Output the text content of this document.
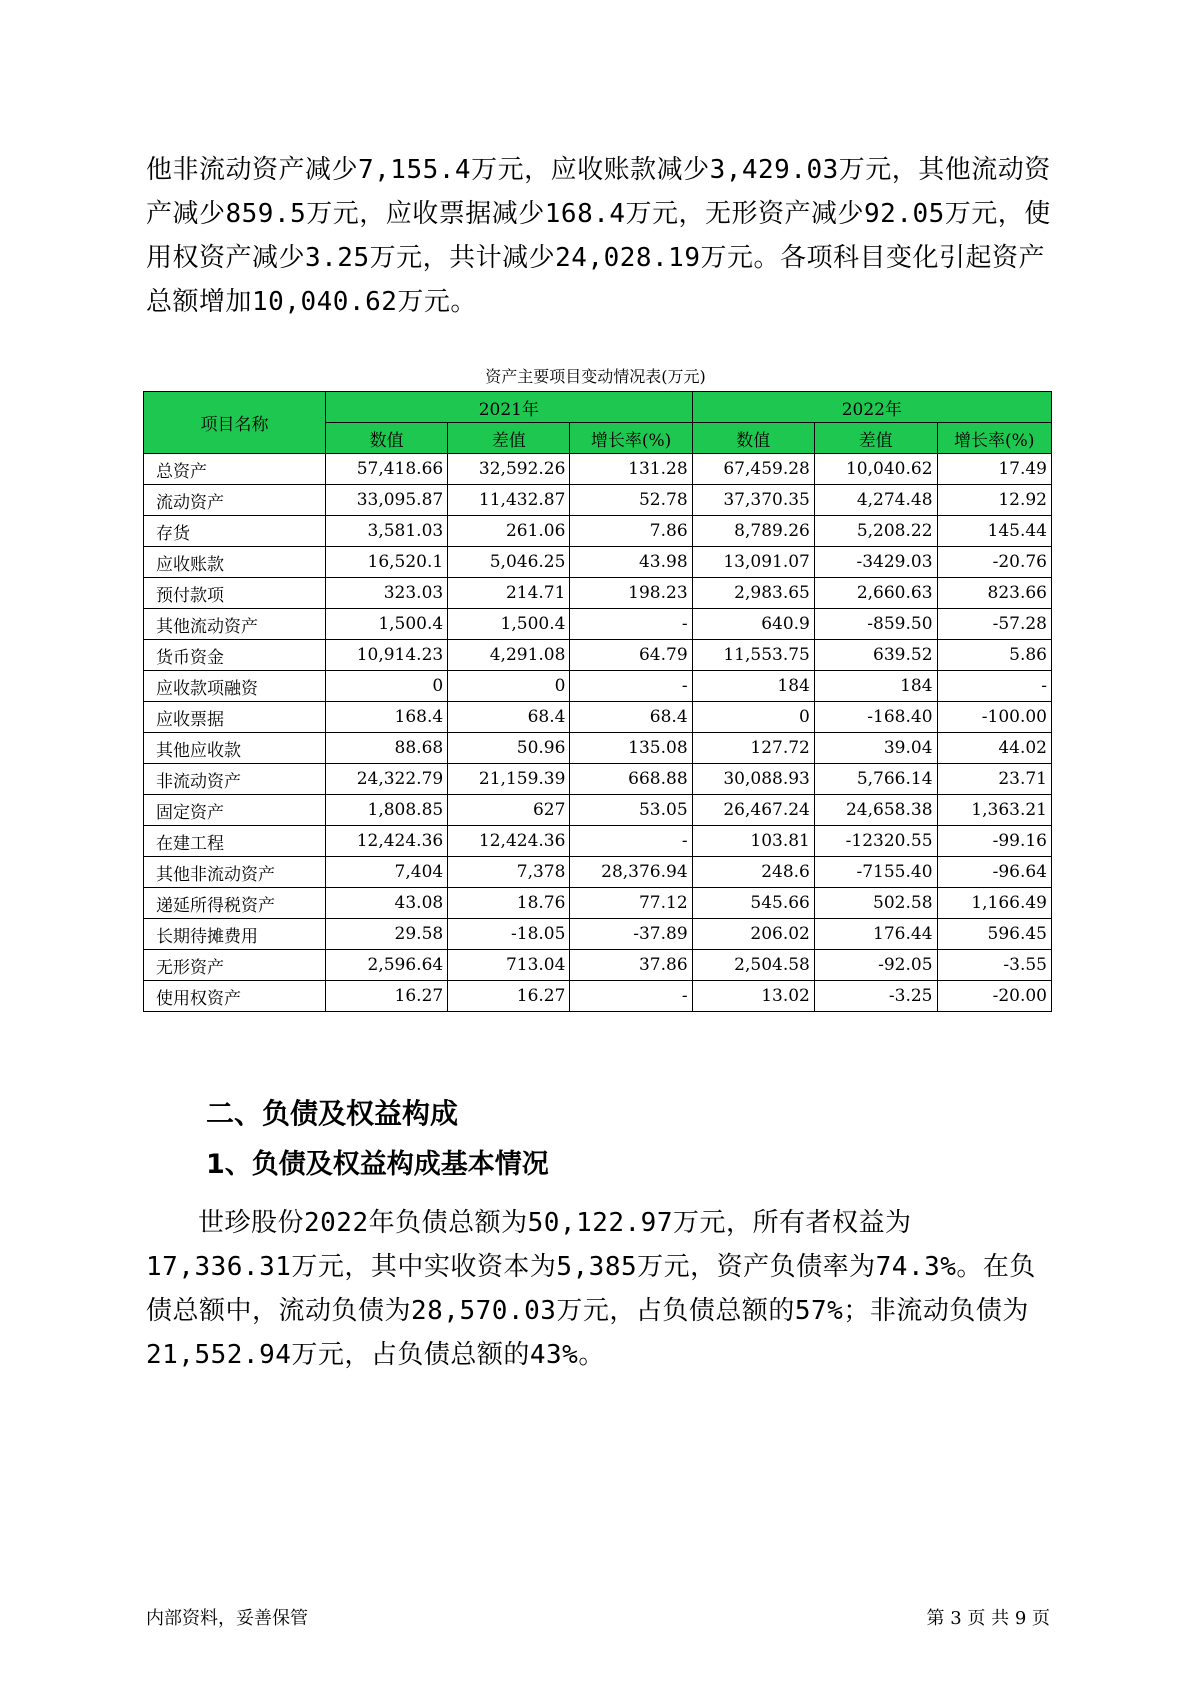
他非流动资产减少7,155.4万元，应收账款减少3,429.03万元，其他流动资产减少859.5万元，应收票据减少168.4万元，无形资产减少92.05万元，使用权资产减少3.25万元，共计减少24,028.19万元。各项科目变化引起资产总额增加10,040.62万元。

资产主要项目变动情况表(万元)
项目名称	2021年			2022年		
	数值	差值	增长率(%)	数值	差值	增长率(%)
总资产	57,418.66	32,592.26	131.28	67,459.28	10,040.62	17.49
流动资产	33,095.87	11,432.87	52.78	37,370.35	4,274.48	12.92
存货	3,581.03	261.06	7.86	8,789.26	5,208.22	145.44
应收账款	16,520.1	5,046.25	43.98	13,091.07	-3429.03	-20.76
预付款项	323.03	214.71	198.23	2,983.65	2,660.63	823.66
其他流动资产	1,500.4	1,500.4	-	640.9	-859.50	-57.28
货币资金	10,914.23	4,291.08	64.79	11,553.75	639.52	5.86
应收款项融资	0	0	-	184	184	-
应收票据	168.4	68.4	68.4	0	-168.40	-100.00
其他应收款	88.68	50.96	135.08	127.72	39.04	44.02
非流动资产	24,322.79	21,159.39	668.88	30,088.93	5,766.14	23.71
固定资产	1,808.85	627	53.05	26,467.24	24,658.38	1,363.21
在建工程	12,424.36	12,424.36	-	103.81	-12320.55	-99.16
其他非流动资产	7,404	7,378	28,376.94	248.6	-7155.40	-96.64
递延所得税资产	43.08	18.76	77.12	545.66	502.58	1,166.49
长期待摊费用	29.58	-18.05	-37.89	206.02	176.44	596.45
无形资产	2,596.64	713.04	37.86	2,504.58	-92.05	-3.55
使用权资产	16.27	16.27	-	13.02	-3.25	-20.00
二、负债及权益构成
1、负债及权益构成基本情况

世珍股份2022年负债总额为50,122.97万元，所有者权益为17,336.31万元，其中实收资本为5,385万元，资产负债率为74.3%。在负债总额中，流动负债为28,570.03万元，占负债总额的57%；非流动负债为21,552.94万元，占负债总额的43%。

内部资料，妥善保管	第 3 页 共 9 页
